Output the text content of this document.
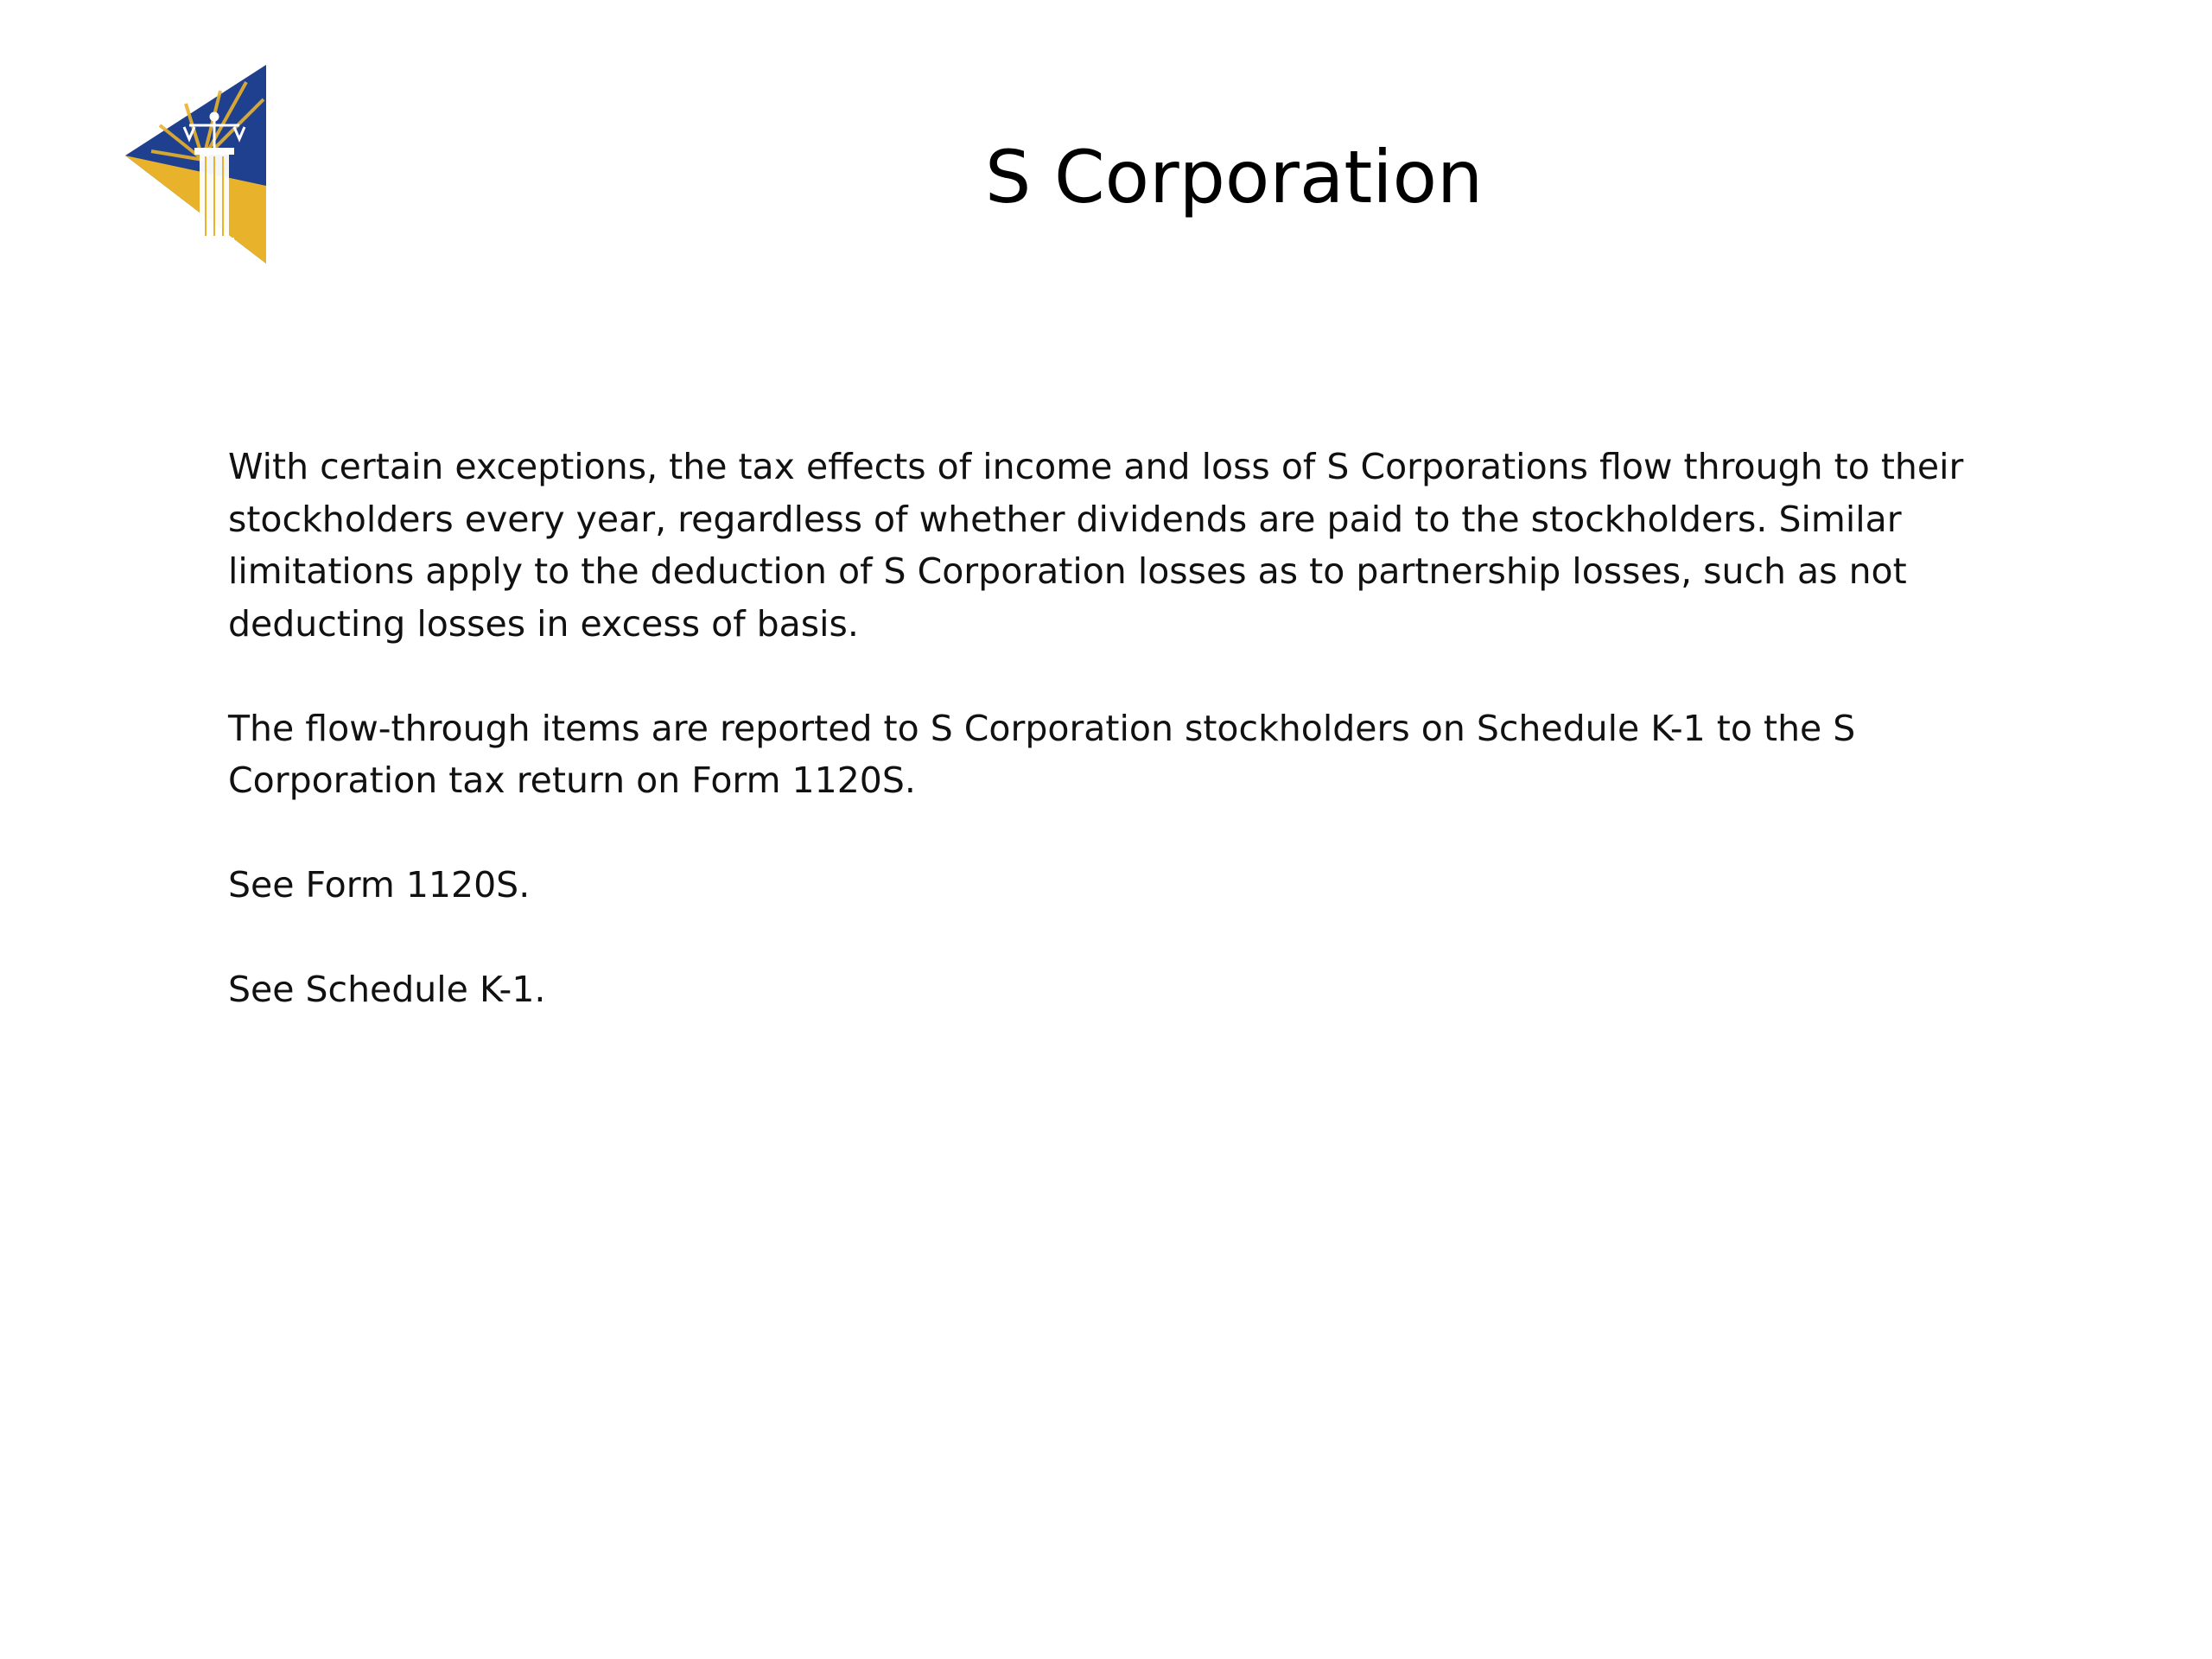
S Corporation

With certain exceptions, the tax effects of income and loss of S Corporations flow through to their stockholders every year, regardless of whether dividends are paid to the stockholders. Similar limitations apply to the deduction of S Corporation losses as to partnership losses, such as not deducting losses in excess of basis.

The flow-through items are reported to S Corporation stockholders on Schedule K-1 to the S Corporation tax return on Form 1120S.

See Form 1120S.

See Schedule K-1.
